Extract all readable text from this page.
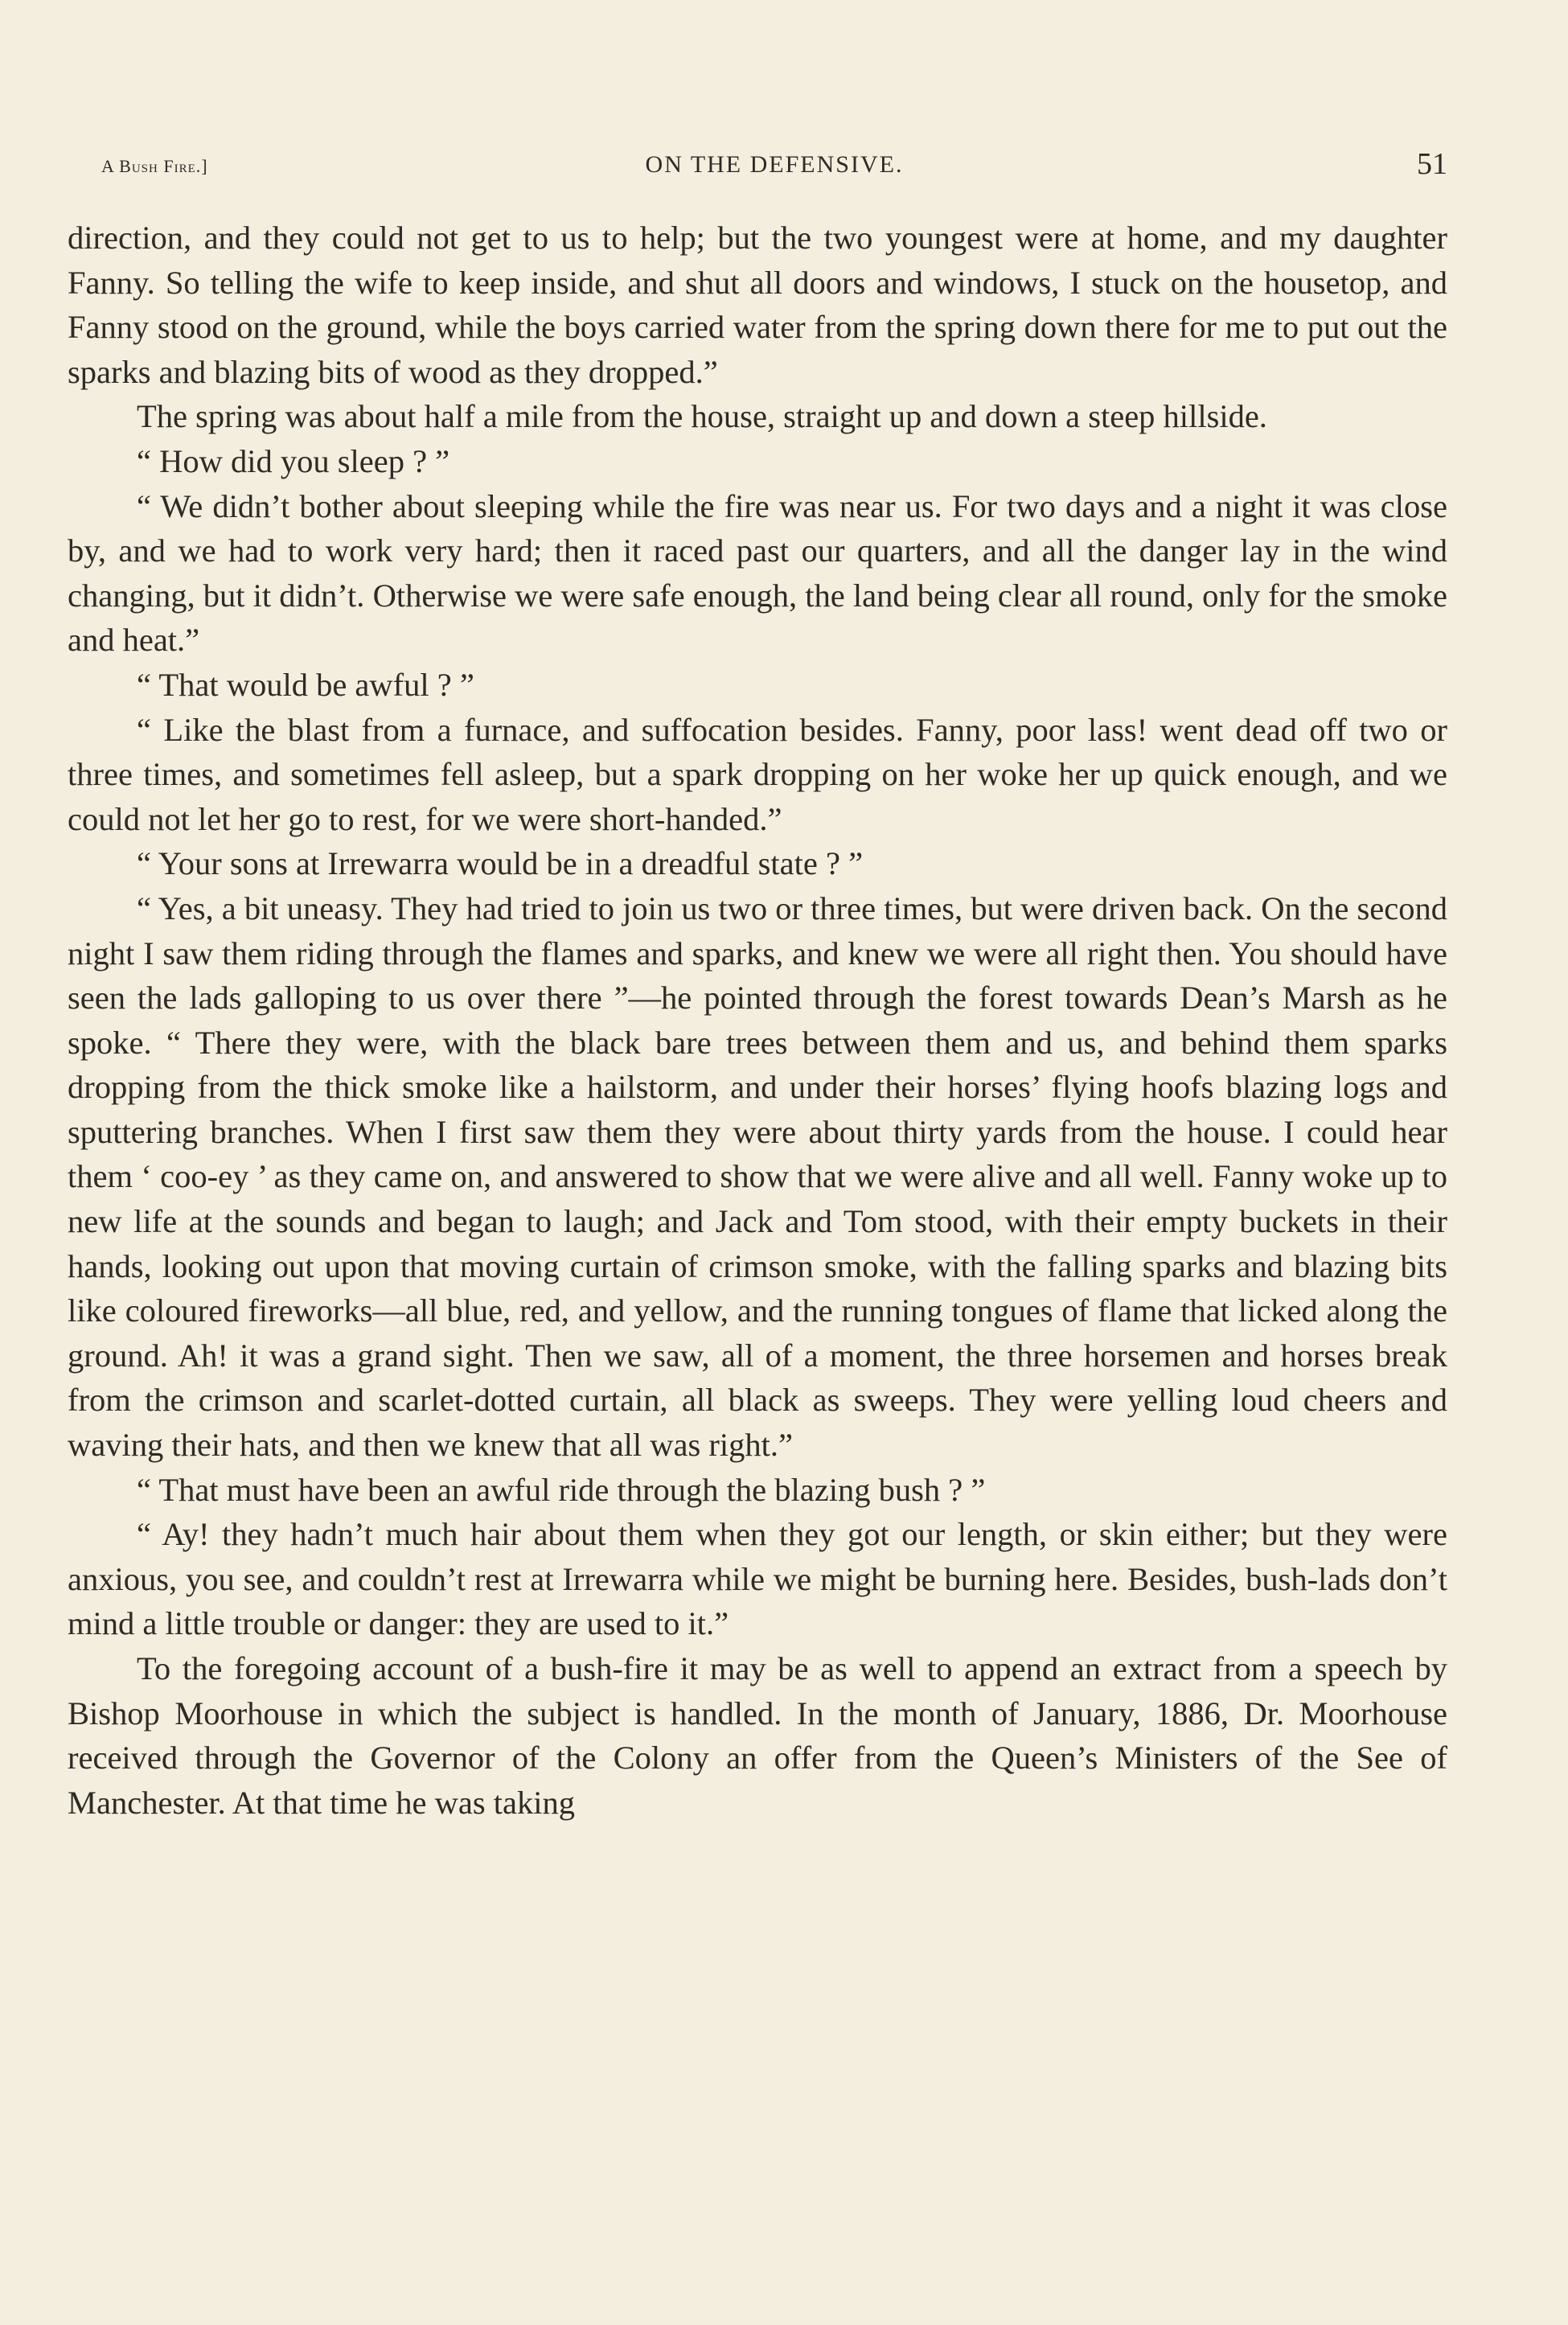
A Bush Fire.]	ON THE DEFENSIVE.	51

direction, and they could not get to us to help; but the two youngest were at home, and my daughter Fanny. So telling the wife to keep inside, and shut all doors and windows, I stuck on the housetop, and Fanny stood on the ground, while the boys carried water from the spring down there for me to put out the sparks and blazing bits of wood as they dropped.”

The spring was about half a mile from the house, straight up and down a steep hillside.

“ How did you sleep ? ”

“ We didn’t bother about sleeping while the fire was near us. For two days and a night it was close by, and we had to work very hard; then it raced past our quarters, and all the danger lay in the wind changing, but it didn’t. Otherwise we were safe enough, the land being clear all round, only for the smoke and heat.”

“ That would be awful ? ”

“ Like the blast from a furnace, and suffocation besides. Fanny, poor lass! went dead off two or three times, and sometimes fell asleep, but a spark dropping on her woke her up quick enough, and we could not let her go to rest, for we were short-handed.”

“ Your sons at Irrewarra would be in a dreadful state ? ”

“ Yes, a bit uneasy. They had tried to join us two or three times, but were driven back. On the second night I saw them riding through the flames and sparks, and knew we were all right then. You should have seen the lads galloping to us over there ”—he pointed through the forest towards Dean’s Marsh as he spoke. “ There they were, with the black bare trees between them and us, and behind them sparks dropping from the thick smoke like a hailstorm, and under their horses’ flying hoofs blazing logs and sputtering branches. When I first saw them they were about thirty yards from the house. I could hear them ‘ coo-ey ’ as they came on, and answered to show that we were alive and all well. Fanny woke up to new life at the sounds and began to laugh; and Jack and Tom stood, with their empty buckets in their hands, looking out upon that moving curtain of crimson smoke, with the falling sparks and blazing bits like coloured fireworks—all blue, red, and yellow, and the running tongues of flame that licked along the ground. Ah! it was a grand sight. Then we saw, all of a moment, the three horsemen and horses break from the crimson and scarlet-dotted curtain, all black as sweeps. They were yelling loud cheers and waving their hats, and then we knew that all was right.”

“ That must have been an awful ride through the blazing bush ? ”

“ Ay! they hadn’t much hair about them when they got our length, or skin either; but they were anxious, you see, and couldn’t rest at Irrewarra while we might be burning here. Besides, bush-lads don’t mind a little trouble or danger: they are used to it.”

To the foregoing account of a bush-fire it may be as well to append an extract from a speech by Bishop Moorhouse in which the subject is handled. In the month of January, 1886, Dr. Moorhouse received through the Governor of the Colony an offer from the Queen’s Ministers of the See of Manchester. At that time he was taking
